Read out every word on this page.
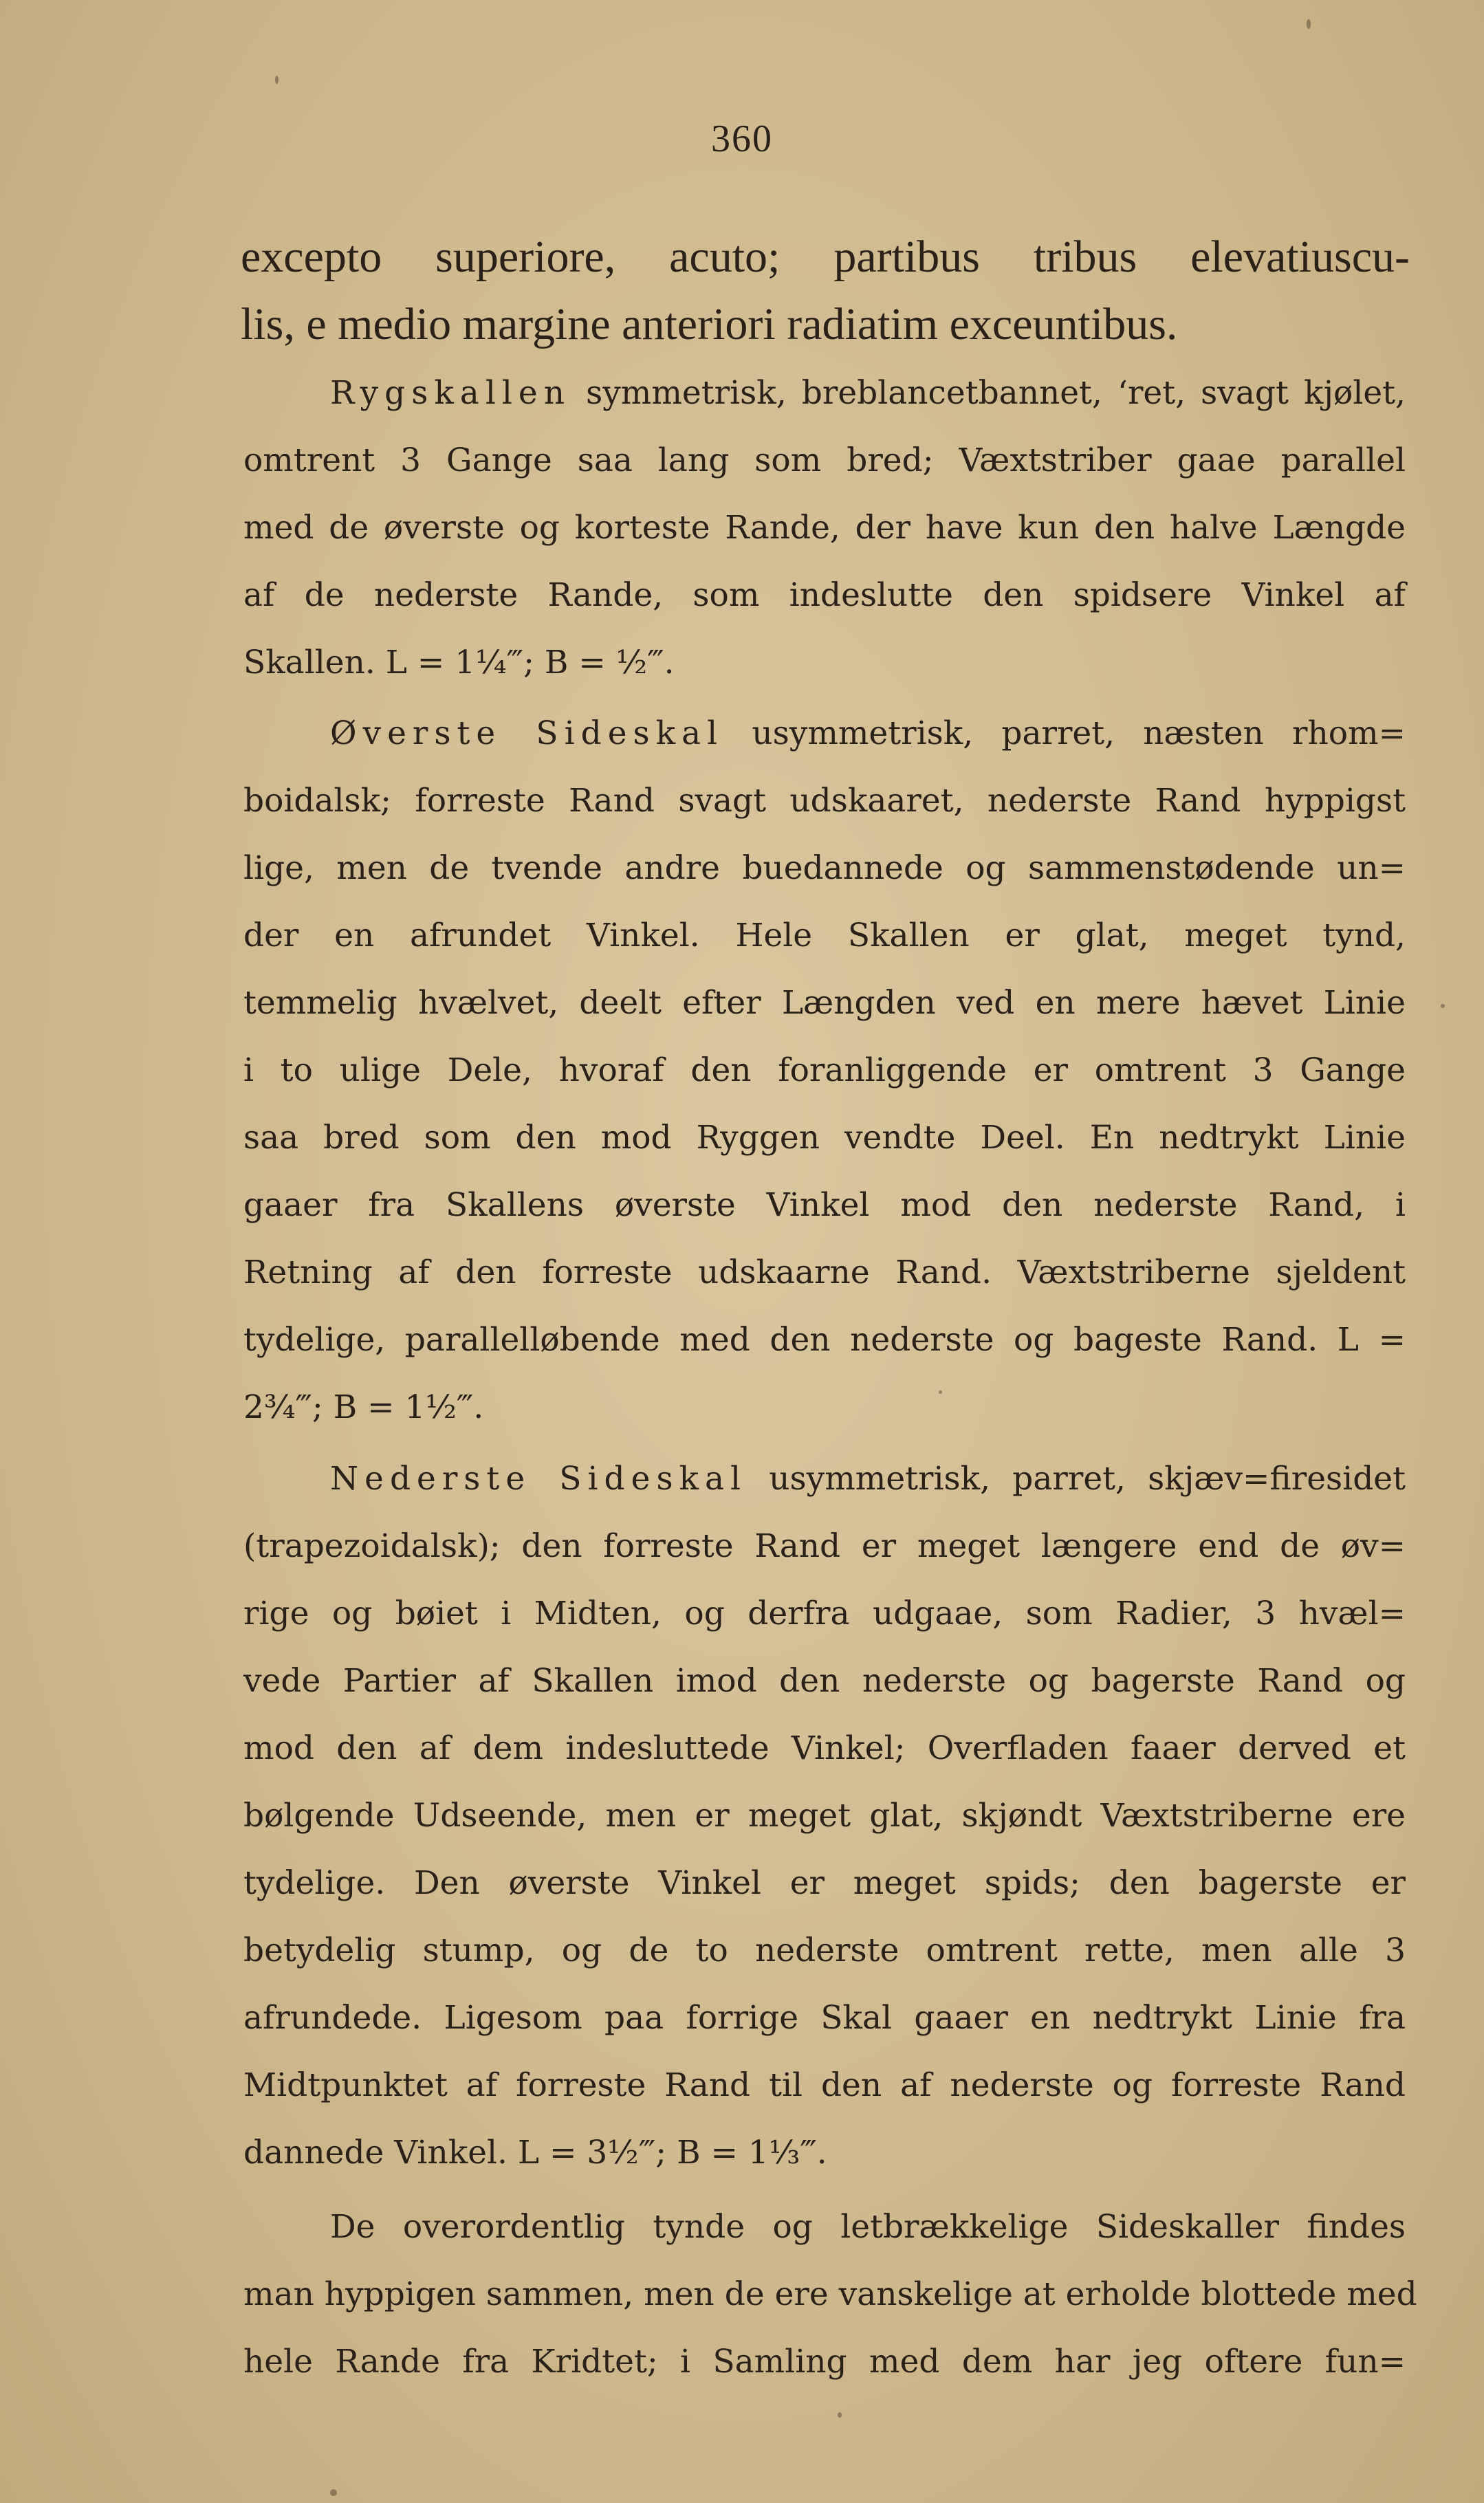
360
excepto superiore, acuto; partibus tribus elevatiuscu-
lis, e medio margine anteriori radiatim exceuntibus.
Rygskallen symmetrisk, breblancetbannet, ‘ret, svagt kjølet,
omtrent 3 Gange saa lang som bred; Væxtstriber gaae parallel
med de øverste og korteste Rande, der have kun den halve Længde
af de nederste Rande, som indeslutte den spidsere Vinkel af
Skallen. L = 1¼‴; B = ½‴.
Øverste Sideskal usymmetrisk, parret, næsten rhom=
boidalsk; forreste Rand svagt udskaaret, nederste Rand hyppigst
lige, men de tvende andre buedannede og sammenstødende un=
der en afrundet Vinkel. Hele Skallen er glat, meget tynd,
temmelig hvælvet, deelt efter Længden ved en mere hævet Linie
i to ulige Dele, hvoraf den foranliggende er omtrent 3 Gange
saa bred som den mod Ryggen vendte Deel. En nedtrykt Linie
gaaer fra Skallens øverste Vinkel mod den nederste Rand, i
Retning af den forreste udskaarne Rand. Væxtstriberne sjeldent
tydelige, parallelløbende med den nederste og bageste Rand. L =
2¾‴; B = 1½‴.
Nederste Sideskal usymmetrisk, parret, skjæv=firesidet
(trapezoidalsk); den forreste Rand er meget længere end de øv=
rige og bøiet i Midten, og derfra udgaae, som Radier, 3 hvæl=
vede Partier af Skallen imod den nederste og bagerste Rand og
mod den af dem indesluttede Vinkel; Overfladen faaer derved et
bølgende Udseende, men er meget glat, skjøndt Væxtstriberne ere
tydelige. Den øverste Vinkel er meget spids; den bagerste er
betydelig stump, og de to nederste omtrent rette, men alle 3
afrundede. Ligesom paa forrige Skal gaaer en nedtrykt Linie fra
Midtpunktet af forreste Rand til den af nederste og forreste Rand
dannede Vinkel. L = 3½‴; B = 1⅓‴.
De overordentlig tynde og letbrækkelige Sideskaller findes
man hyppigen sammen, men de ere vanskelige at erholde blottede med
hele Rande fra Kridtet; i Samling med dem har jeg oftere fun=
